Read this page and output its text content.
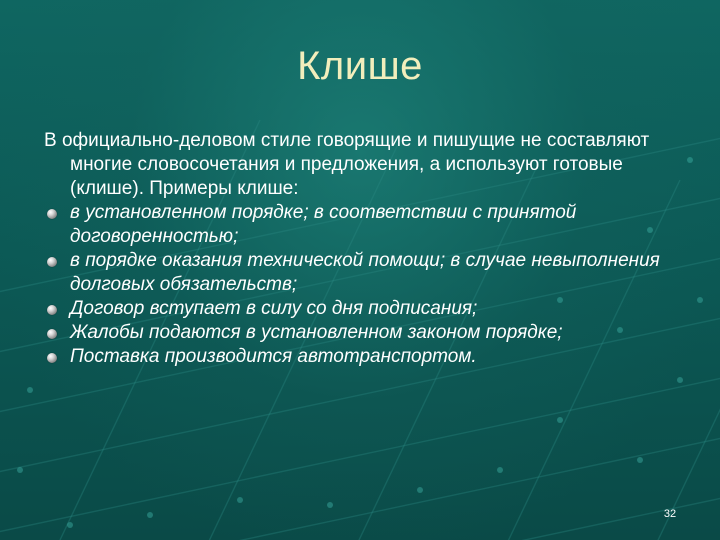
Клише

В официально-деловом стиле говорящие и пишущие не составляют многие словосочетания и предложения, а используют готовые (клише). Примеры клише:

в установленном порядке; в соответствии с принятой договоренностью;
в порядке оказания технической помощи; в случае невыполнения долговых обязательств;
Договор вступает в силу со дня подписания;
Жалобы подаются в установленном законом порядке;
Поставка производится автотранспортом.
32
